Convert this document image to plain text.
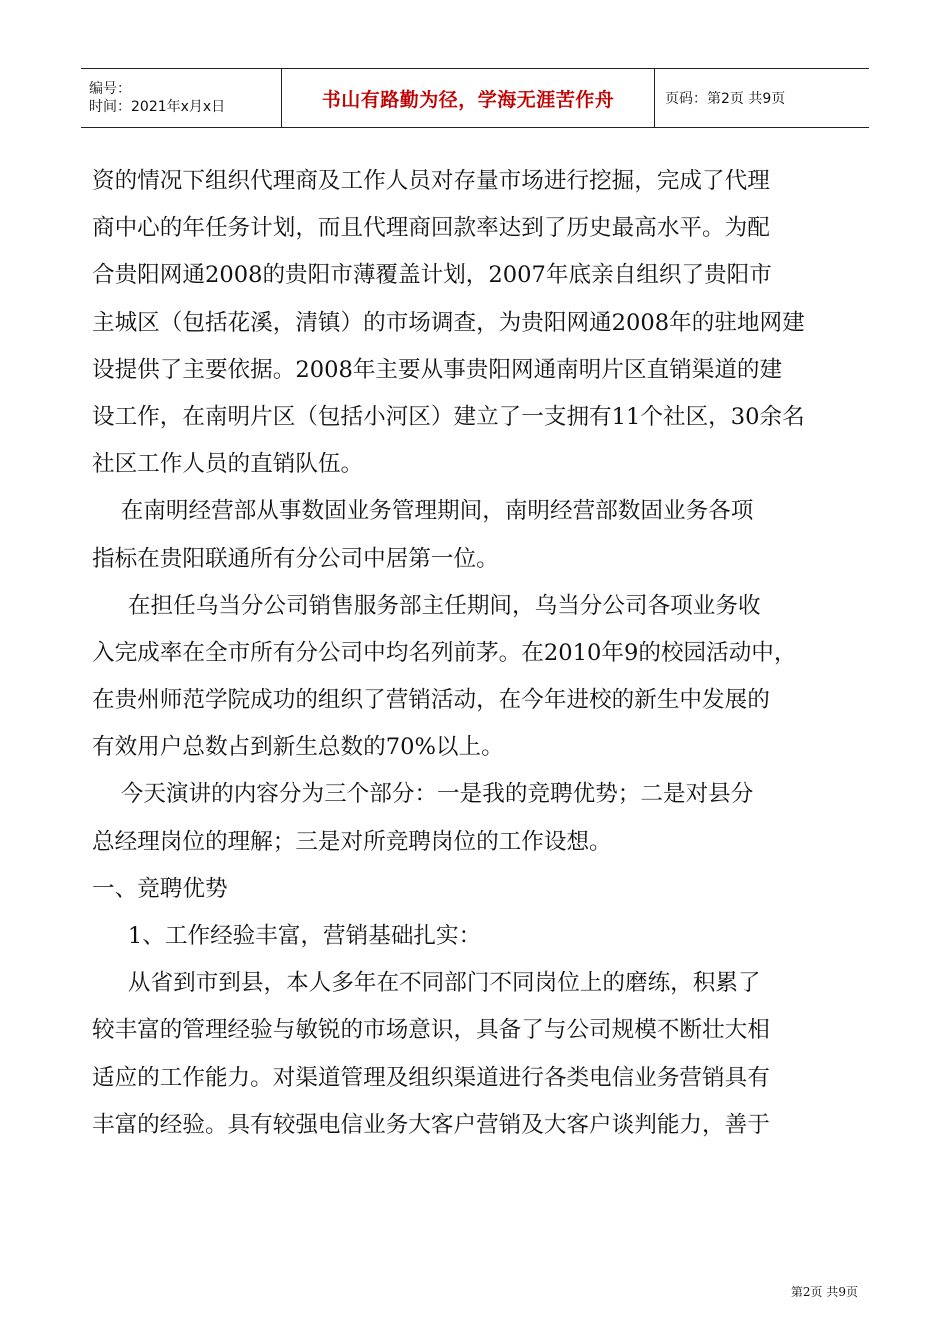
编号：
时间：2021年x月x日	书山有路勤为径，学海无涯苦作舟	页码：第2页 共9页
资的情况下组织代理商及工作人员对存量市场进行挖掘，完成了代理
商中心的年任务计划，而且代理商回款率达到了历史最高水平。为配
合贵阳网通2008的贵阳市薄覆盖计划，2007年底亲自组织了贵阳市
主城区（包括花溪，清镇）的市场调查，为贵阳网通2008年的驻地网建
设提供了主要依据。2008年主要从事贵阳网通南明片区直销渠道的建
设工作，在南明片区（包括小河区）建立了一支拥有11个社区，30余名
社区工作人员的直销队伍。
在南明经营部从事数固业务管理期间，南明经营部数固业务各项
指标在贵阳联通所有分公司中居第一位。
在担任乌当分公司销售服务部主任期间，乌当分公司各项业务收
入完成率在全市所有分公司中均名列前茅。在2010年9的校园活动中，
在贵州师范学院成功的组织了营销活动，在今年进校的新生中发展的
有效用户总数占到新生总数的70%以上。
今天演讲的内容分为三个部分：一是我的竞聘优势；二是对县分
总经理岗位的理解；三是对所竞聘岗位的工作设想。
一、竞聘优势
1、工作经验丰富，营销基础扎实：
从省到市到县，本人多年在不同部门不同岗位上的磨练，积累了
较丰富的管理经验与敏锐的市场意识，具备了与公司规模不断壮大相
适应的工作能力。对渠道管理及组织渠道进行各类电信业务营销具有
丰富的经验。具有较强电信业务大客户营销及大客户谈判能力，善于
第2页 共9页
